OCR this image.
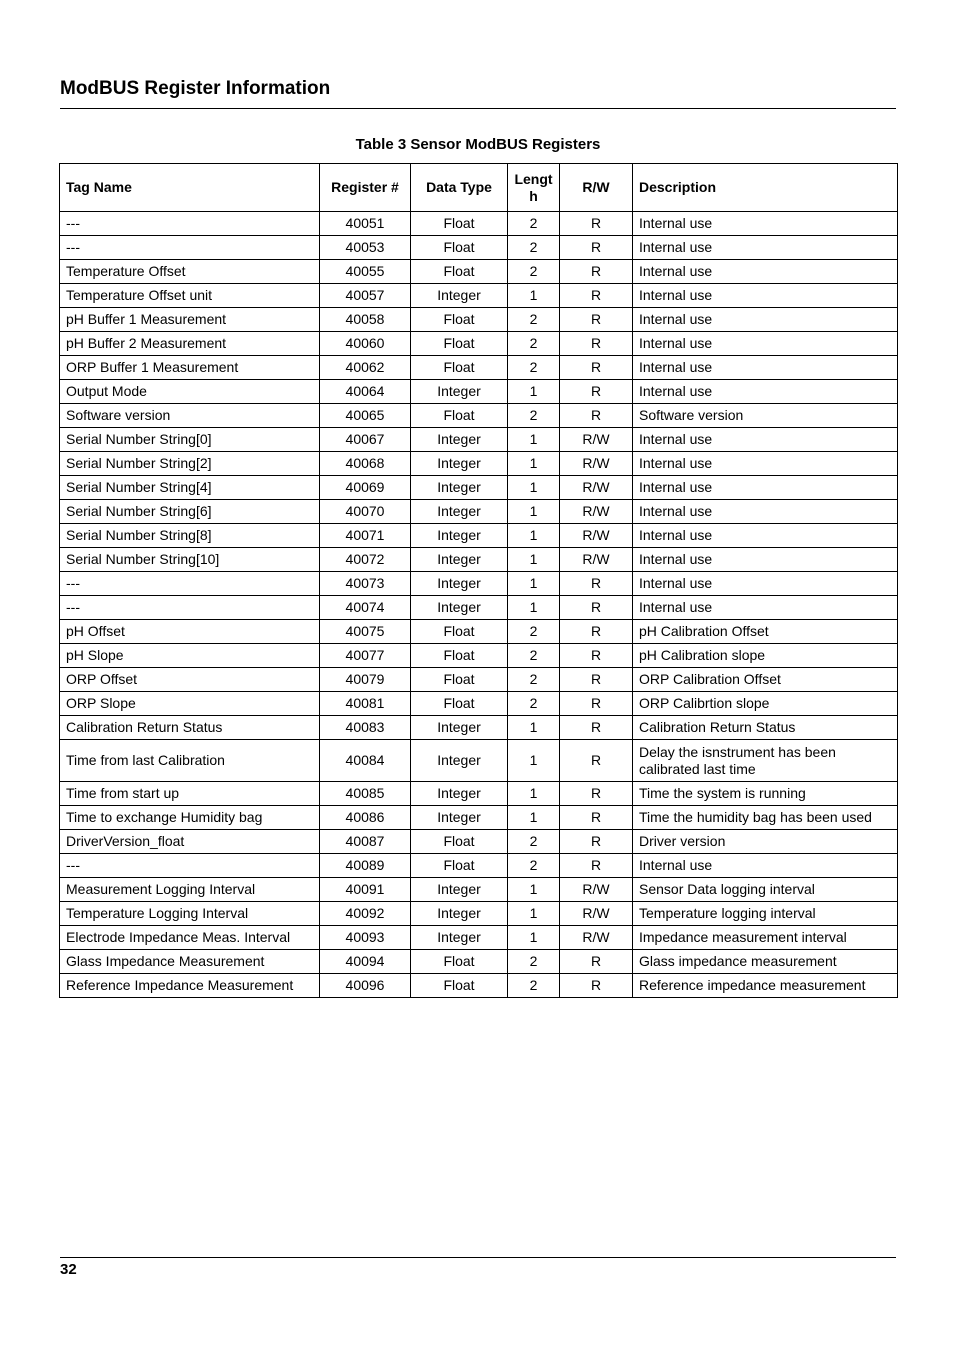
ModBUS Register Information
Table 3 Sensor ModBUS Registers
Tag Name	Register #	Data Type	Lengt h	R/W	Description
---	40051	Float	2	R	Internal use
---	40053	Float	2	R	Internal use
Temperature Offset	40055	Float	2	R	Internal use
Temperature Offset unit	40057	Integer	1	R	Internal use
pH Buffer 1 Measurement	40058	Float	2	R	Internal use
pH Buffer 2 Measurement	40060	Float	2	R	Internal use
ORP Buffer 1 Measurement	40062	Float	2	R	Internal use
Output Mode	40064	Integer	1	R	Internal use
Software version	40065	Float	2	R	Software version
Serial Number String[0]	40067	Integer	1	R/W	Internal use
Serial Number String[2]	40068	Integer	1	R/W	Internal use
Serial Number String[4]	40069	Integer	1	R/W	Internal use
Serial Number String[6]	40070	Integer	1	R/W	Internal use
Serial Number String[8]	40071	Integer	1	R/W	Internal use
Serial Number String[10]	40072	Integer	1	R/W	Internal use
---	40073	Integer	1	R	Internal use
---	40074	Integer	1	R	Internal use
pH Offset	40075	Float	2	R	pH Calibration Offset
pH Slope	40077	Float	2	R	pH Calibration slope
ORP Offset	40079	Float	2	R	ORP Calibration Offset
ORP Slope	40081	Float	2	R	ORP Calibrtion slope
Calibration Return Status	40083	Integer	1	R	Calibration Return Status
Time from last Calibration	40084	Integer	1	R	Delay the isnstrument has been calibrated last time
Time from start up	40085	Integer	1	R	Time the system is running
Time to exchange Humidity bag	40086	Integer	1	R	Time the humidity bag has been used
DriverVersion_float	40087	Float	2	R	Driver version
---	40089	Float	2	R	Internal use
Measurement Logging Interval	40091	Integer	1	R/W	Sensor Data logging interval
Temperature Logging Interval	40092	Integer	1	R/W	Temperature logging interval
Electrode Impedance Meas. Interval	40093	Integer	1	R/W	Impedance measurement interval
Glass Impedance Measurement	40094	Float	2	R	Glass impedance measurement
Reference Impedance Measurement	40096	Float	2	R	Reference impedance measurement
32
